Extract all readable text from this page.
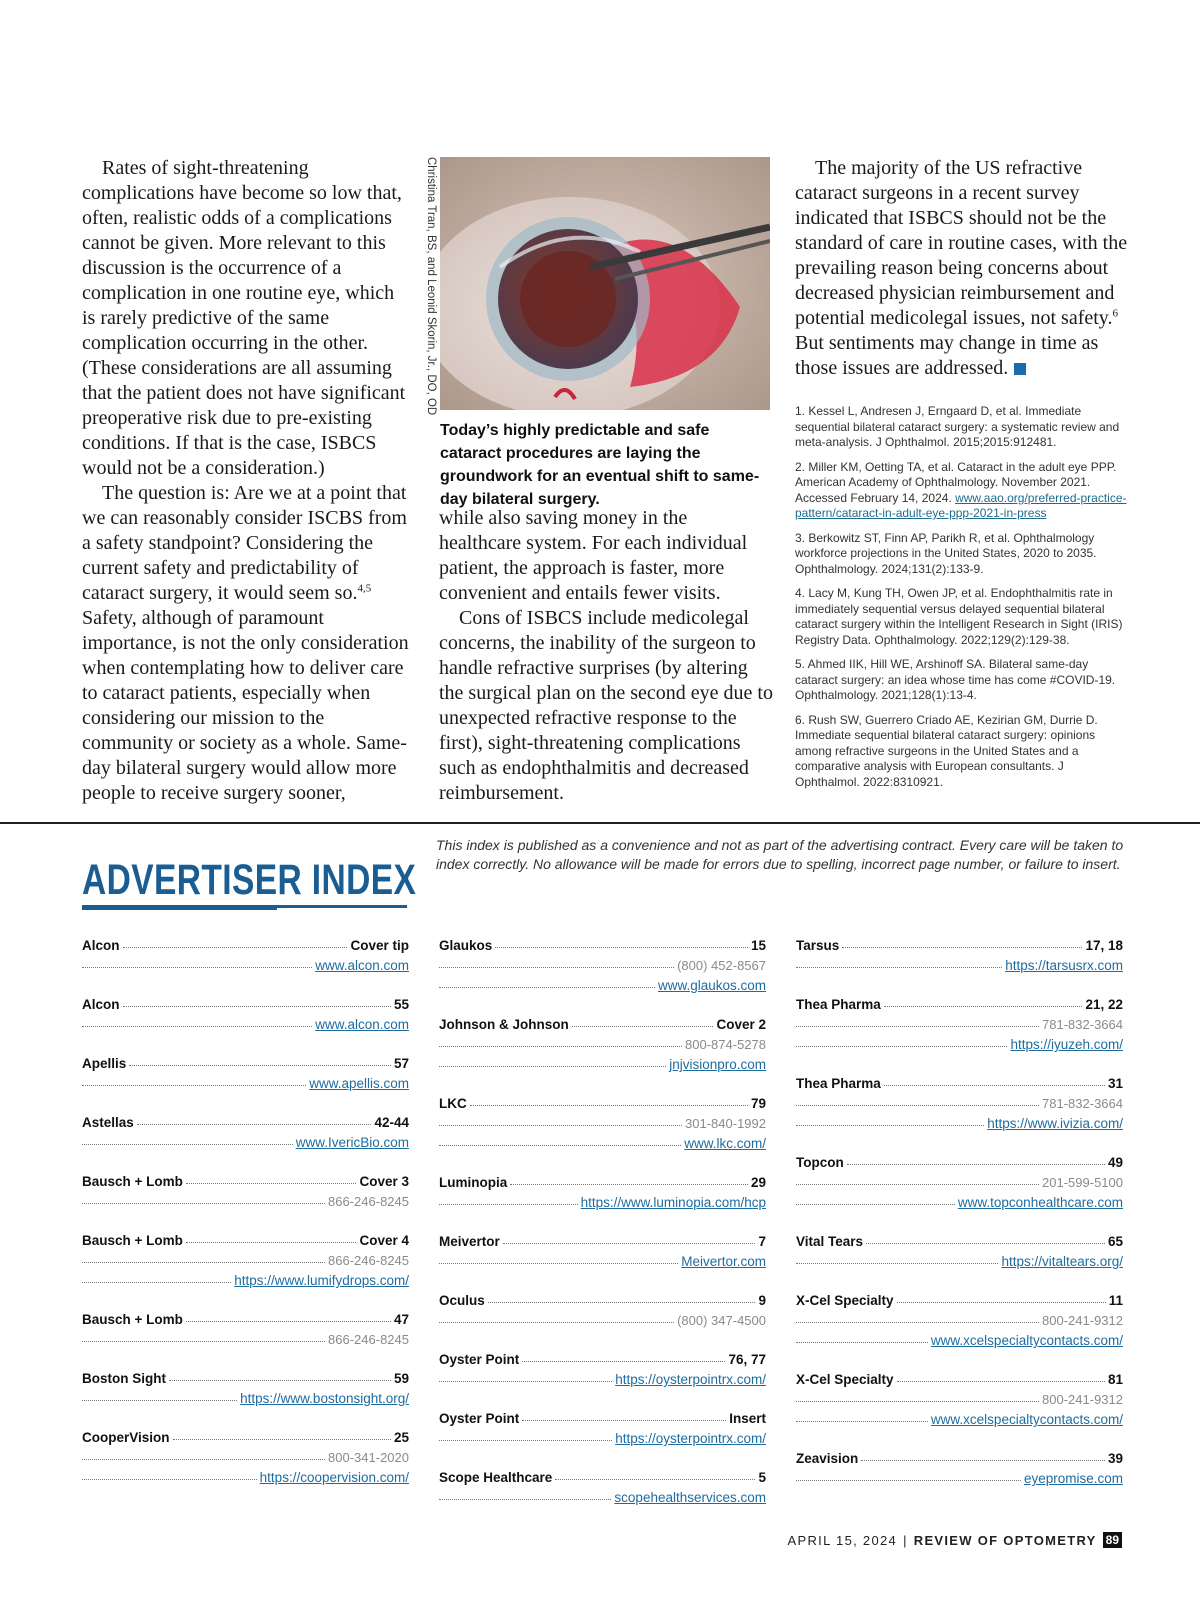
Rates of sight-threatening complications have become so low that, often, realistic odds of a complications cannot be given. More relevant to this discussion is the occurrence of a complication in one routine eye, which is rarely predictive of the same complication occurring in the other. (These considerations are all assuming that the patient does not have significant preoperative risk due to pre-existing conditions. If that is the case, ISBCS would not be a consideration.)

The question is: Are we at a point that we can reasonably consider ISCBS from a safety standpoint? Considering the current safety and predictability of cataract surgery, it would seem so.$^{4,5}$ Safety, although of paramount importance, is not the only consideration when contemplating how to deliver care to cataract patients, especially when considering our mission to the community or society as a whole. Same-day bilateral surgery would allow more people to receive surgery sooner,

Christina Tran, BS, and Leonid Skorin, Jr., DO, OD
Today’s highly predictable and safe cataract procedures are laying the groundwork for an eventual shift to same-day bilateral surgery.

while also saving money in the healthcare system. For each individual patient, the approach is faster, more convenient and entails fewer visits.

Cons of ISBCS include medicolegal concerns, the inability of the surgeon to handle refractive surprises (by altering the surgical plan on the second eye due to unexpected refractive response to the first), sight-threatening complications such as endophthalmitis and decreased reimbursement.

The majority of the US refractive cataract surgeons in a recent survey indicated that ISBCS should not be the standard of care in routine cases, with the prevailing reason being concerns about decreased physician reimbursement and potential medicolegal issues, not safety.$^6$ But sentiments may change in time as those issues are addressed.

1. Kessel L, Andresen J, Erngaard D, et al. Immediate sequential bilateral cataract surgery: a systematic review and meta-analysis. J Ophthalmol. 2015;2015:912481.
2. Miller KM, Oetting TA, et al. Cataract in the adult eye PPP. American Academy of Ophthalmology. November 2021. Accessed February 14, 2024. www.aao.org/preferred-practice-pattern/cataract-in-adult-eye-ppp-2021-in-press
3. Berkowitz ST, Finn AP, Parikh R, et al. Ophthalmology workforce projections in the United States, 2020 to 2035. Ophthalmology. 2024;131(2):133-9.
4. Lacy M, Kung TH, Owen JP, et al. Endophthalmitis rate in immediately sequential versus delayed sequential bilateral cataract surgery within the Intelligent Research in Sight (IRIS) Registry Data. Ophthalmology. 2022;129(2):129-38.
5. Ahmed IIK, Hill WE, Arshinoff SA. Bilateral same-day cataract surgery: an idea whose time has come #COVID-19. Ophthalmology. 2021;128(1):13-4.
6. Rush SW, Guerrero Criado AE, Kezirian GM, Durrie D. Immediate sequential bilateral cataract surgery: opinions among refractive surgeons in the United States and a comparative analysis with European consultants. J Ophthalmol. 2022:8310921.
ADVERTISER INDEX
This index is published as a convenience and not as part of the advertising contract. Every care will be taken to index correctly. No allowance will be made for errors due to spelling, incorrect page number, or failure to insert.
Alcon	Cover tip
www.alcon.com
Alcon	55
www.alcon.com
Apellis	57
www.apellis.com
Astellas	42-44
www.IvericBio.com
Bausch + Lomb	Cover 3
866-246-8245
Bausch + Lomb	Cover 4
866-246-8245
https://www.lumifydrops.com/
Bausch + Lomb	47
866-246-8245
Boston Sight	59
https://www.bostonsight.org/
CooperVision	25
800-341-2020
https://coopervision.com/
Glaukos	15
(800) 452-8567
www.glaukos.com
Johnson & Johnson	Cover 2
800-874-5278
jnjvisionpro.com
LKC	79
301-840-1992
www.lkc.com/
Luminopia	29
https://www.luminopia.com/hcp
Meivertor	7
Meivertor.com
Oculus	9
(800) 347-4500
Oyster Point	76, 77
https://oysterpointrx.com/
Oyster Point	Insert
https://oysterpointrx.com/
Scope Healthcare	5
scopehealthservices.com
Tarsus	17, 18
https://tarsusrx.com
Thea Pharma	21, 22
781-832-3664
https://iyuzeh.com/
Thea Pharma	31
781-832-3664
https://www.ivizia.com/
Topcon	49
201-599-5100
www.topconhealthcare.com
Vital Tears	65
https://vitaltears.org/
X-Cel Specialty	11
800-241-9312
www.xcelspecialtycontacts.com/
X-Cel Specialty	81
800-241-9312
www.xcelspecialtycontacts.com/
Zeavision	39
eyepromise.com
APRIL 15, 2024 | REVIEW OF OPTOMETRY 89
